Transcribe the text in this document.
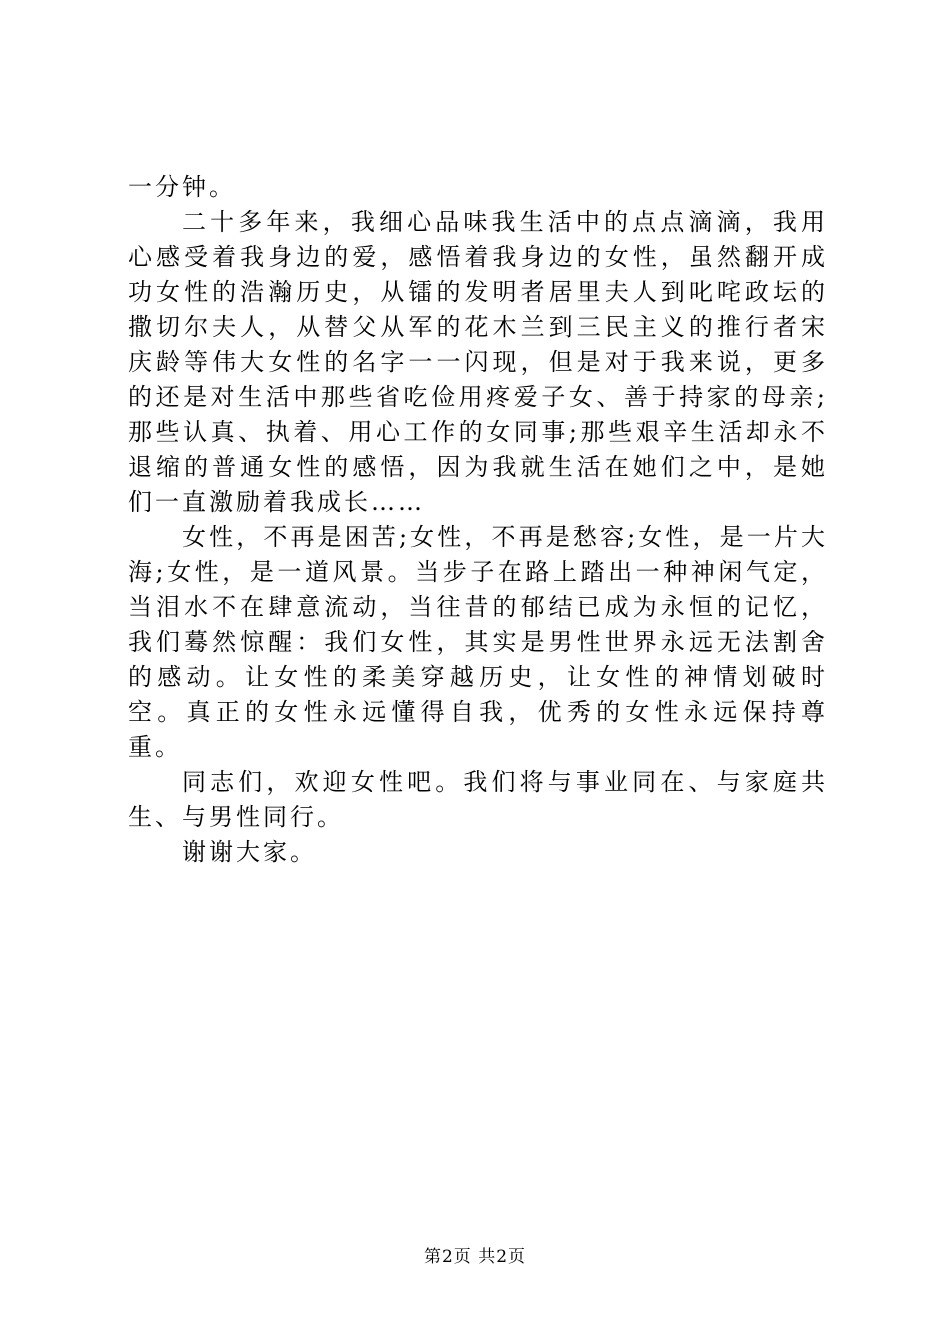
一分钟。

二十多年来，我细心品味我生活中的点点滴滴，我用心感受着我身边的爱，感悟着我身边的女性，虽然翻开成功女性的浩瀚历史，从镭的发明者居里夫人到叱咤政坛的撒切尔夫人，从替父从军的花木兰到三民主义的推行者宋庆龄等伟大女性的名字一一闪现，但是对于我来说，更多的还是对生活中那些省吃俭用疼爱子女、善于持家的母亲;那些认真、执着、用心工作的女同事;那些艰辛生活却永不退缩的普通女性的感悟，因为我就生活在她们之中，是她们一直激励着我成长……

女性，不再是困苦;女性，不再是愁容;女性，是一片大海;女性，是一道风景。当步子在路上踏出一种神闲气定，当泪水不在肆意流动，当往昔的郁结已成为永恒的记忆，我们蓦然惊醒：我们女性，其实是男性世界永远无法割舍的感动。让女性的柔美穿越历史，让女性的神情划破时空。真正的女性永远懂得自我，优秀的女性永远保持尊重。

同志们，欢迎女性吧。我们将与事业同在、与家庭共生、与男性同行。

谢谢大家。

第2页 共2页
